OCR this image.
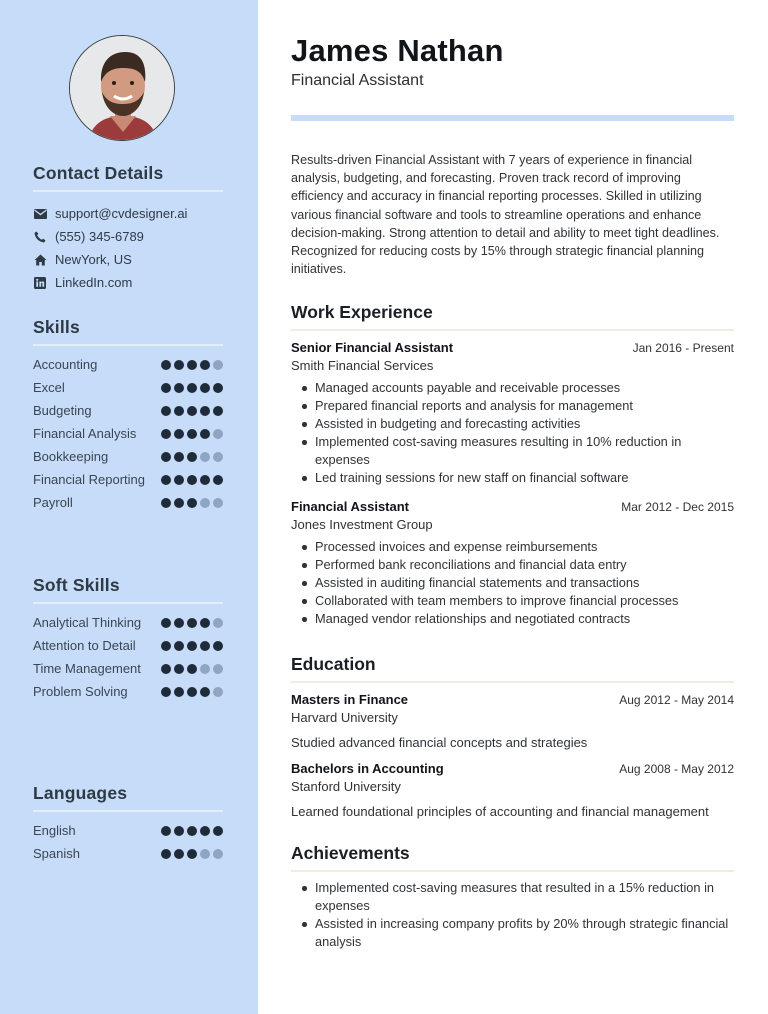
Contact Details
support@cvdesigner.ai
(555) 345-6789
NewYork, US
LinkedIn.com
Skills
Accounting
Excel
Budgeting
Financial Analysis
Bookkeeping
Financial Reporting
Payroll
Soft Skills
Analytical Thinking
Attention to Detail
Time Management
Problem Solving
Languages
English
Spanish
James Nathan
Financial Assistant
Results-driven Financial Assistant with 7 years of experience in financial analysis, budgeting, and forecasting. Proven track record of improving efficiency and accuracy in financial reporting processes. Skilled in utilizing various financial software and tools to streamline operations and enhance decision-making. Strong attention to detail and ability to meet tight deadlines. Recognized for reducing costs by 15% through strategic financial planning initiatives.
Work Experience
Senior Financial Assistant	Jan 2016 - Present
Smith Financial Services
Managed accounts payable and receivable processes
Prepared financial reports and analysis for management
Assisted in budgeting and forecasting activities
Implemented cost-saving measures resulting in 10% reduction in expenses
Led training sessions for new staff on financial software
Financial Assistant	Mar 2012 - Dec 2015
Jones Investment Group
Processed invoices and expense reimbursements
Performed bank reconciliations and financial data entry
Assisted in auditing financial statements and transactions
Collaborated with team members to improve financial processes
Managed vendor relationships and negotiated contracts
Education
Masters in Finance	Aug 2012 - May 2014
Harvard University
Studied advanced financial concepts and strategies
Bachelors in Accounting	Aug 2008 - May 2012
Stanford University
Learned foundational principles of accounting and financial management
Achievements
Implemented cost-saving measures that resulted in a 15% reduction in expenses
Assisted in increasing company profits by 20% through strategic financial analysis
